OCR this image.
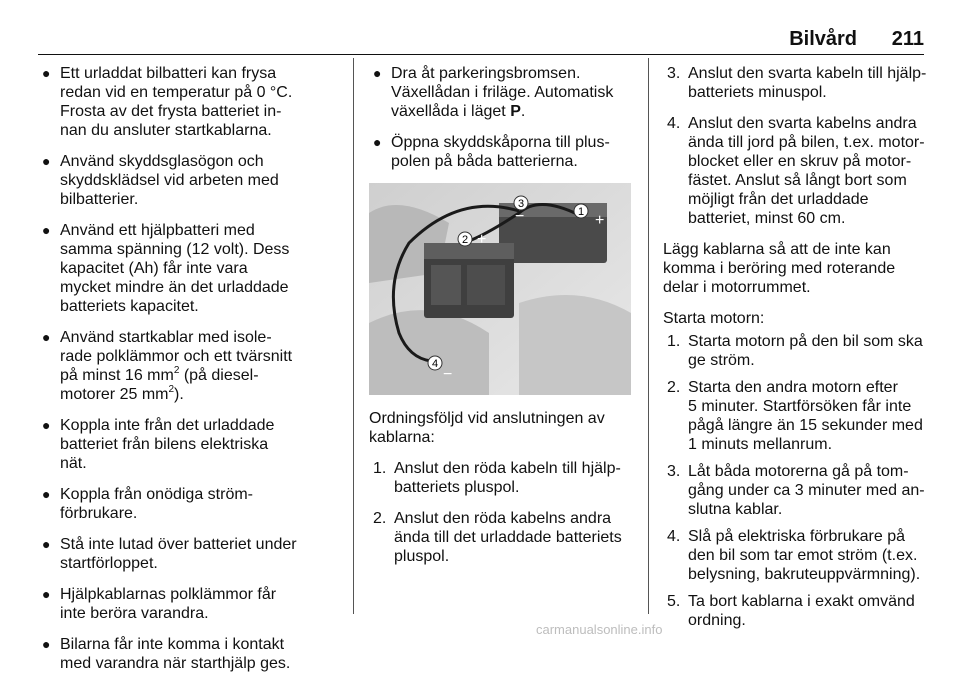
Bilvård 211
● Ett urladdat bilbatteri kan frysa
redan vid en temperatur på 0 °C.
Frosta av det frysta batteriet in‐
nan du ansluter startkablarna.
● Använd skyddsglasögon och
skyddsklädsel vid arbeten med
bilbatterier.
● Använd ett hjälpbatteri med
samma spänning (12 volt). Dess
kapacitet (Ah) får inte vara
mycket mindre än det urladdade
batteriets kapacitet.
● Använd startkablar med isole‐
rade polklämmor och ett tvärsnitt
på minst 16 $mm^2$ (på diesel‐
motorer 25 $mm^2$).
● Koppla inte från det urladdade
batteriet från bilens elektriska
nät.
● Koppla från onödiga ström‐
förbrukare.
● Stå inte lutad över batteriet under
startförloppet.
● Hjälpkablarnas polklämmor får
inte beröra varandra.
● Bilarna får inte komma i kontakt
med varandra när starthjälp ges.
● Dra åt parkeringsbromsen.
Växellådan i friläge. Automatisk
växellåda i läget P.
● Öppna skyddskåporna till plus‐
polen på båda batterierna.
1 +
2 +
3
−
4
−
Ordningsföljd vid anslutningen av
kablarna:
1. Anslut den röda kabeln till hjälp‐
batteriets pluspol.
2. Anslut den röda kabelns andra
ända till det urladdade batteriets
pluspol.
3. Anslut den svarta kabeln till hjälp‐
batteriets minuspol.
4. Anslut den svarta kabelns andra
ända till jord på bilen, t.ex. motor‐
blocket eller en skruv på motor‐
fästet. Anslut så långt bort som
möjligt från det urladdade
batteriet, minst 60 cm.
Lägg kablarna så att de inte kan
komma i beröring med roterande
delar i motorrummet.
Starta motorn:
1. Starta motorn på den bil som ska
ge ström.
2. Starta den andra motorn efter
5 minuter. Startförsöken får inte
pågå längre än 15 sekunder med
1 minuts mellanrum.
3. Låt båda motorerna gå på tom‐
gång under ca 3 minuter med an‐
slutna kablar.
4. Slå på elektriska förbrukare på
den bil som tar emot ström (t.ex.
belysning, bakruteuppvärmning).
5. Ta bort kablarna i exakt omvänd
ordning.
carmanualsonline.info
